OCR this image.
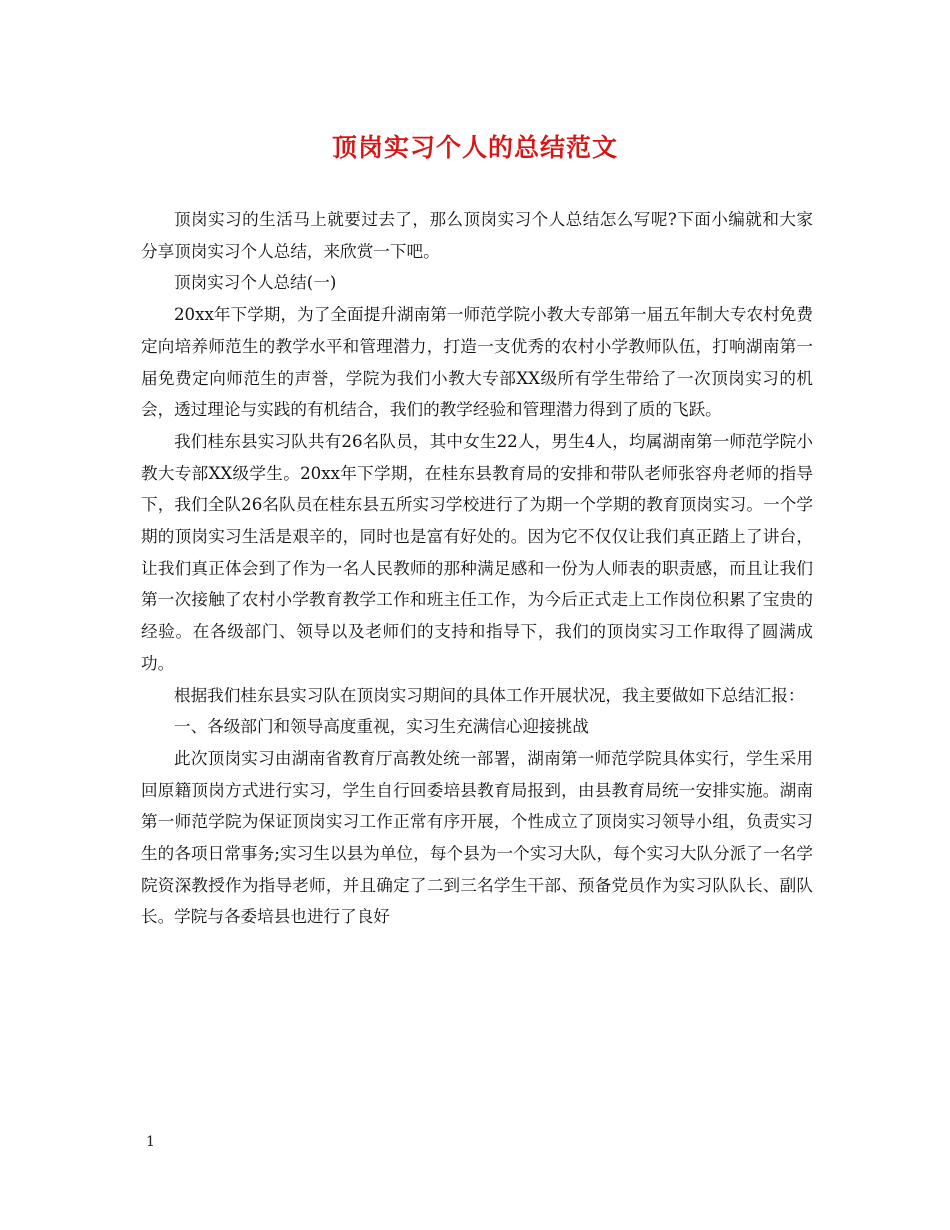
顶岗实习个人的总结范文

顶岗实习的生活马上就要过去了，那么顶岗实习个人总结怎么写呢?下面小编就和大家分享顶岗实习个人总结，来欣赏一下吧。

顶岗实习个人总结(一)

20xx年下学期，为了全面提升湖南第一师范学院小教大专部第一届五年制大专农村免费定向培养师范生的教学水平和管理潜力，打造一支优秀的农村小学教师队伍，打响湖南第一届免费定向师范生的声誉，学院为我们小教大专部XX级所有学生带给了一次顶岗实习的机会，透过理论与实践的有机结合，我们的教学经验和管理潜力得到了质的飞跃。

我们桂东县实习队共有26名队员，其中女生22人，男生4人，均属湖南第一师范学院小教大专部XX级学生。20xx年下学期，在桂东县教育局的安排和带队老师张容舟老师的指导下，我们全队26名队员在桂东县五所实习学校进行了为期一个学期的教育顶岗实习。一个学期的顶岗实习生活是艰辛的，同时也是富有好处的。因为它不仅仅让我们真正踏上了讲台，让我们真正体会到了作为一名人民教师的那种满足感和一份为人师表的职责感，而且让我们第一次接触了农村小学教育教学工作和班主任工作，为今后正式走上工作岗位积累了宝贵的经验。在各级部门、领导以及老师们的支持和指导下，我们的顶岗实习工作取得了圆满成功。

根据我们桂东县实习队在顶岗实习期间的具体工作开展状况，我主要做如下总结汇报：

一、各级部门和领导高度重视，实习生充满信心迎接挑战

此次顶岗实习由湖南省教育厅高教处统一部署，湖南第一师范学院具体实行，学生采用回原籍顶岗方式进行实习，学生自行回委培县教育局报到，由县教育局统一安排实施。湖南第一师范学院为保证顶岗实习工作正常有序开展，个性成立了顶岗实习领导小组，负责实习生的各项日常事务;实习生以县为单位，每个县为一个实习大队，每个实习大队分派了一名学院资深教授作为指导老师，并且确定了二到三名学生干部、预备党员作为实习队队长、副队长。学院与各委培县也进行了良好

1
